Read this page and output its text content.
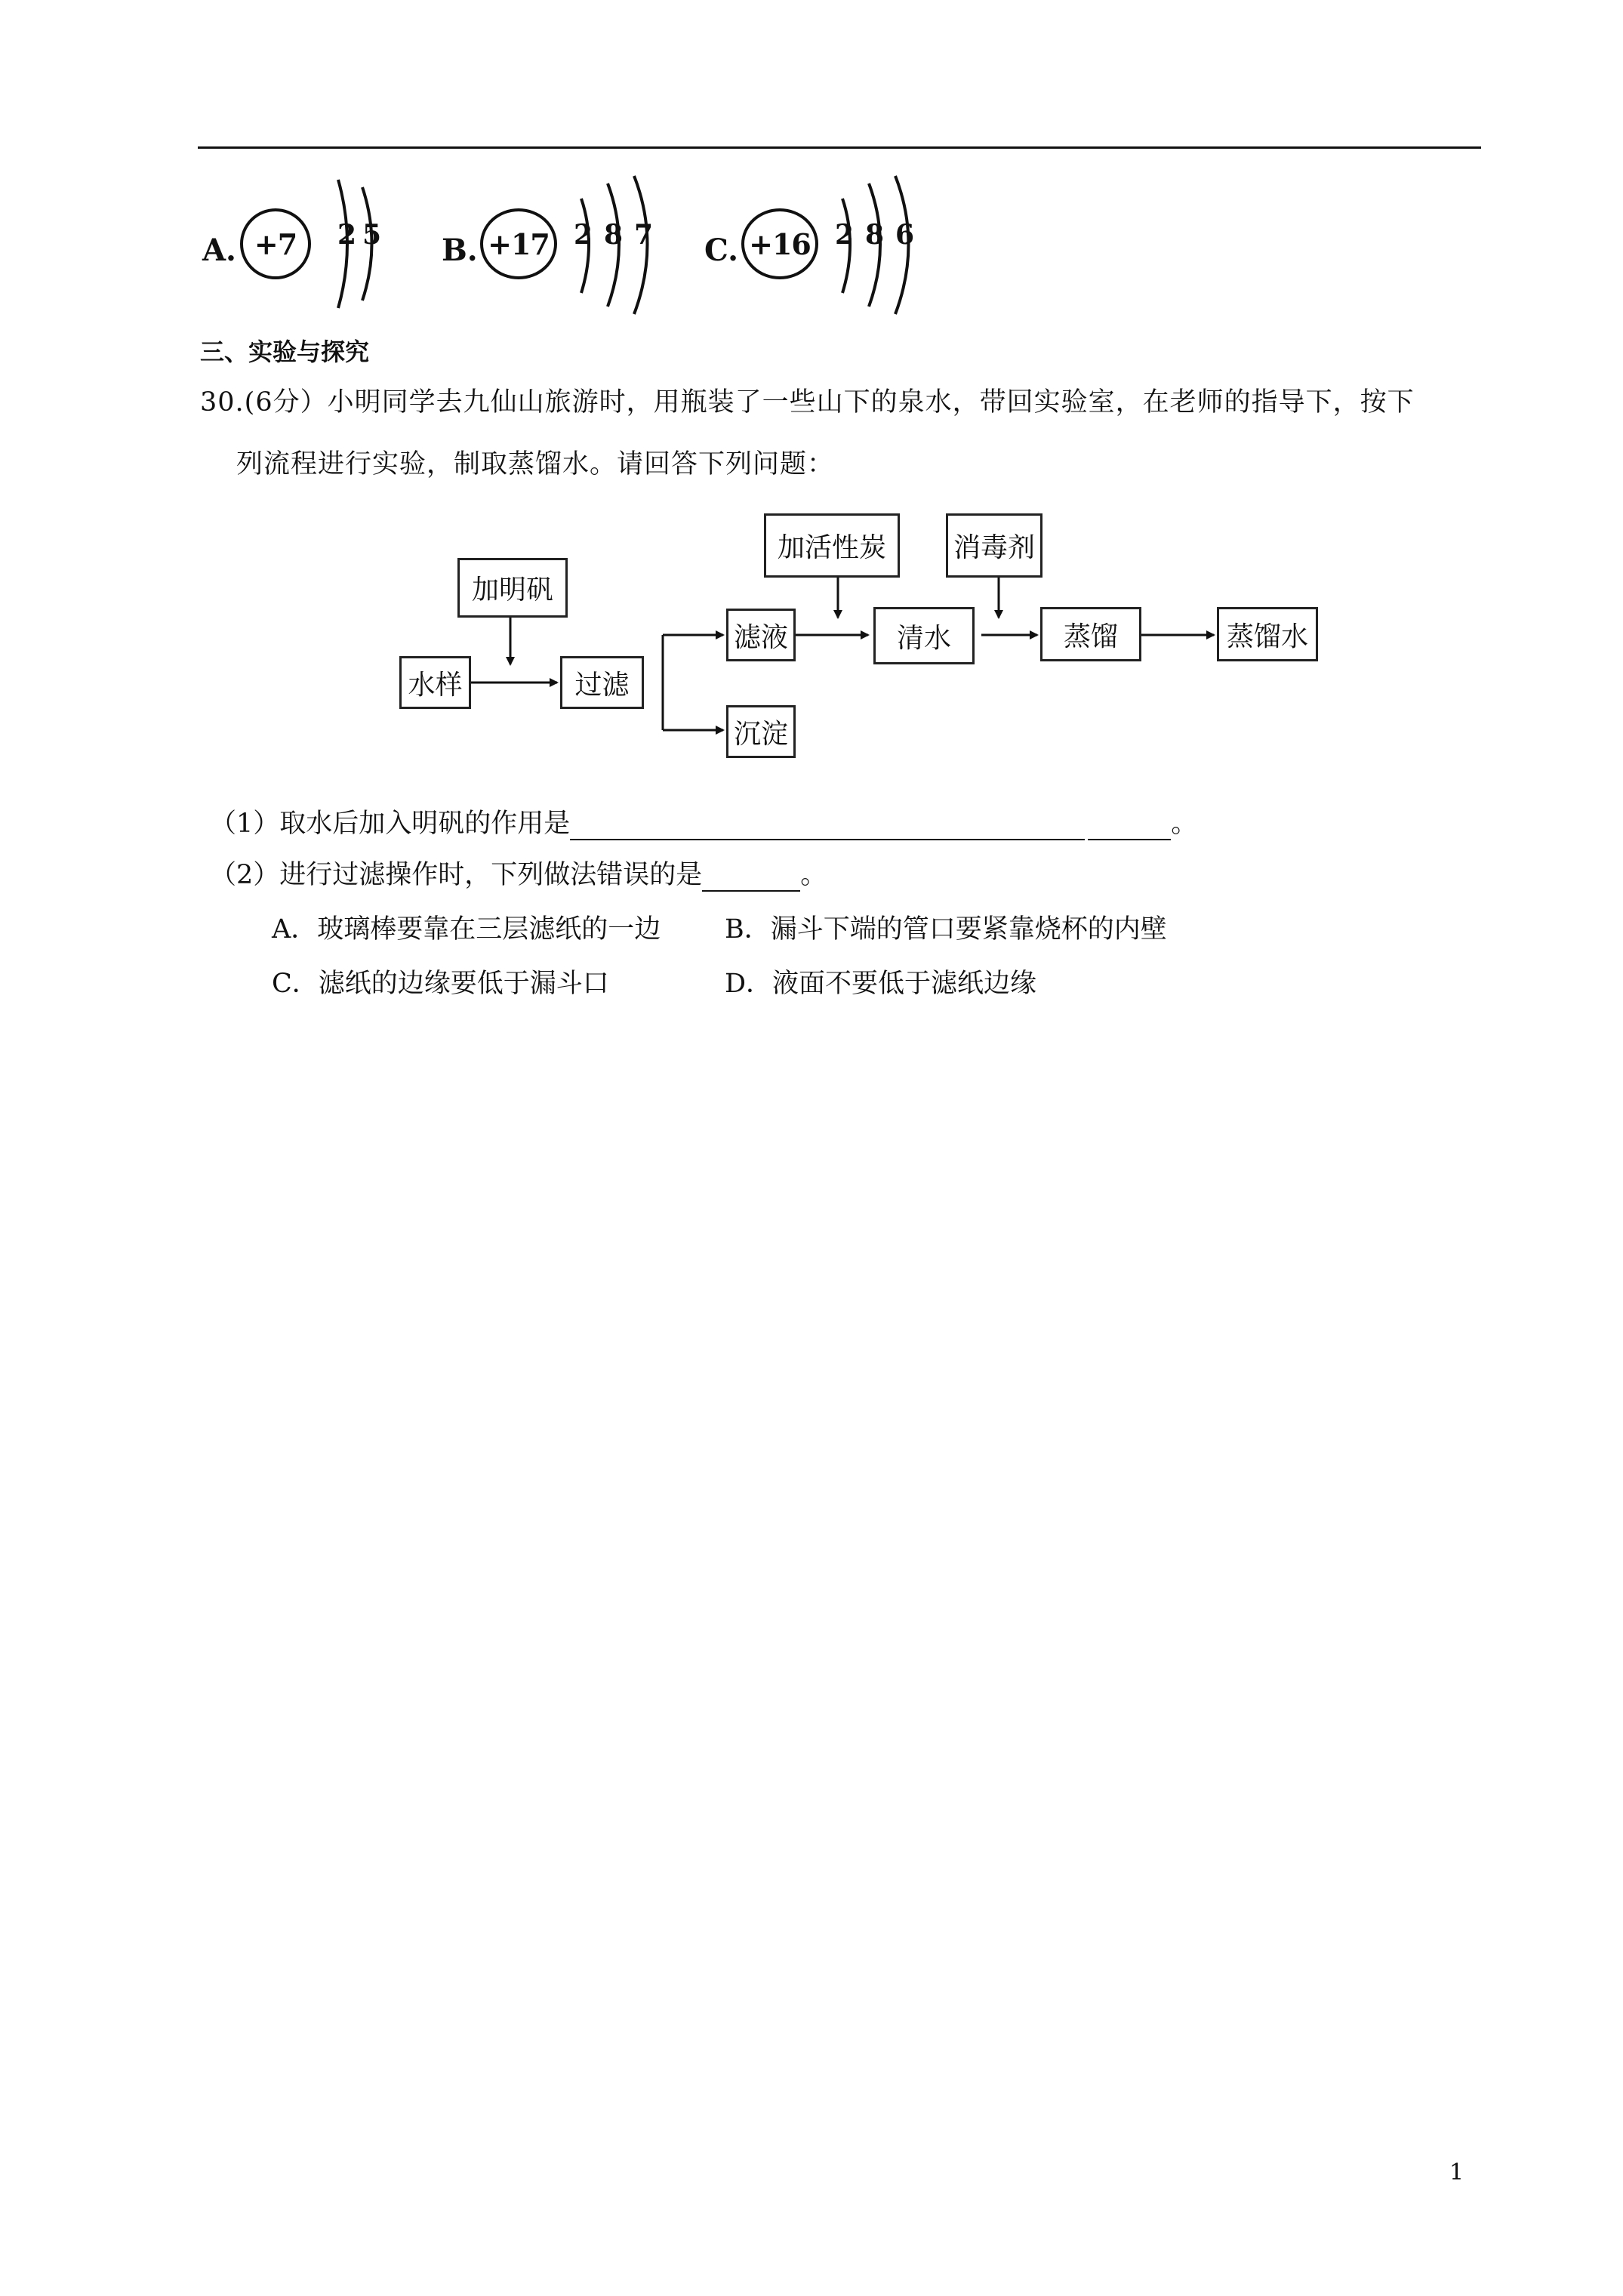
A. +7	2 5 B. +17 2 8 7 C. +16 2 8 6
三、实验与探究
30.(6分）小明同学去九仙山旅游时，用瓶装了一些山下的泉水，带回实验室，在老师的指导下，按下
列流程进行实验，制取蒸馏水。请回答下列问题：
加明矾
水样	过滤
滤液
沉淀
加活性炭
清水
消毒剂
蒸馏	蒸馏水
（1）取水后加入明矾的作用是	。
（2）进行过滤操作时，下列做法错误的是	。
A．玻璃棒要靠在三层滤纸的一边 B．漏斗下端的管口要紧靠烧杯的内壁
C．滤纸的边缘要低于漏斗口	D．液面不要低于滤纸边缘
1
